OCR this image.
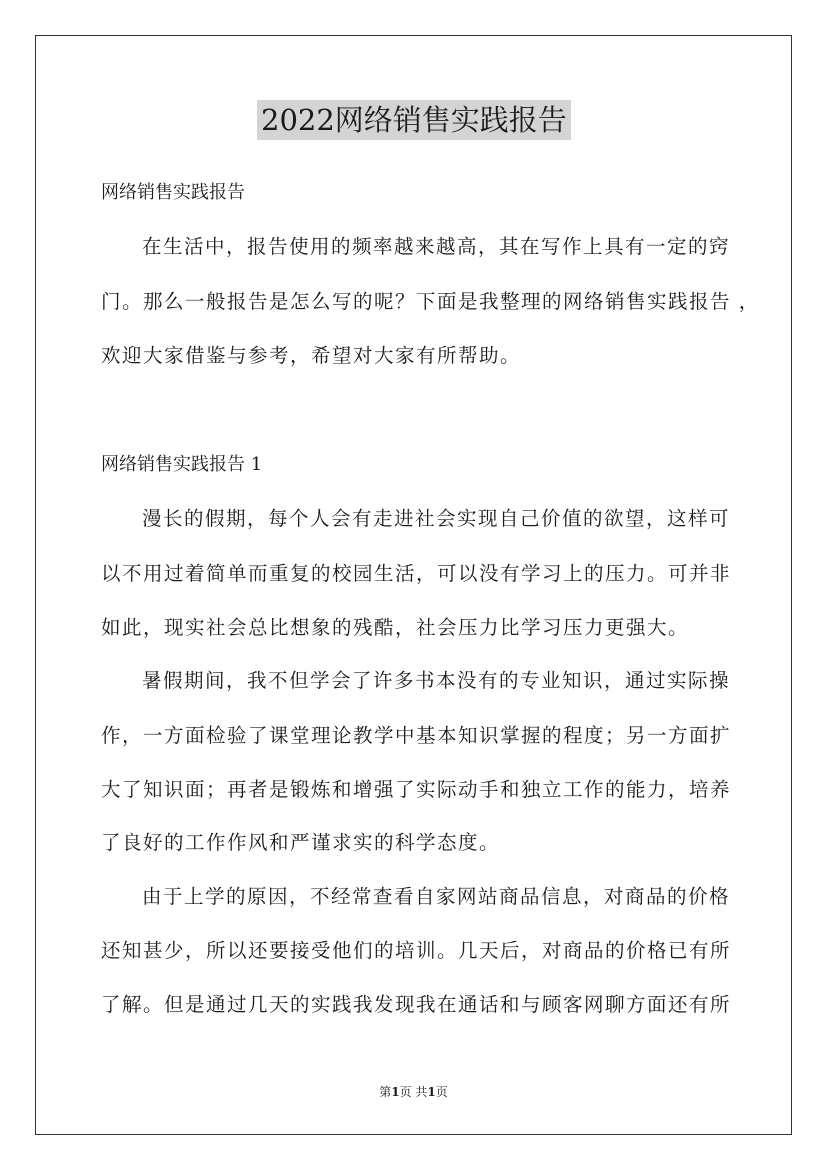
2022网络销售实践报告
网络销售实践报告
在生活中，报告使用的频率越来越高，其在写作上具有一定的窍
门。那么一般报告是怎么写的呢？下面是我整理的网络销售实践报告 ，
欢迎大家借鉴与参考，希望对大家有所帮助。
网络销售实践报告 1
漫长的假期，每个人会有走进社会实现自己价值的欲望，这样可
以不用过着简单而重复的校园生活，可以没有学习上的压力。可并非
如此，现实社会总比想象的残酷，社会压力比学习压力更强大。
暑假期间，我不但学会了许多书本没有的专业知识，通过实际操
作，一方面检验了课堂理论教学中基本知识掌握的程度；另一方面扩
大了知识面；再者是锻炼和增强了实际动手和独立工作的能力，培养
了良好的工作作风和严谨求实的科学态度。
由于上学的原因，不经常查看自家网站商品信息，对商品的价格
还知甚少，所以还要接受他们的培训。几天后，对商品的价格已有所
了解。但是通过几天的实践我发现我在通话和与顾客网聊方面还有所
第1页 共1页
